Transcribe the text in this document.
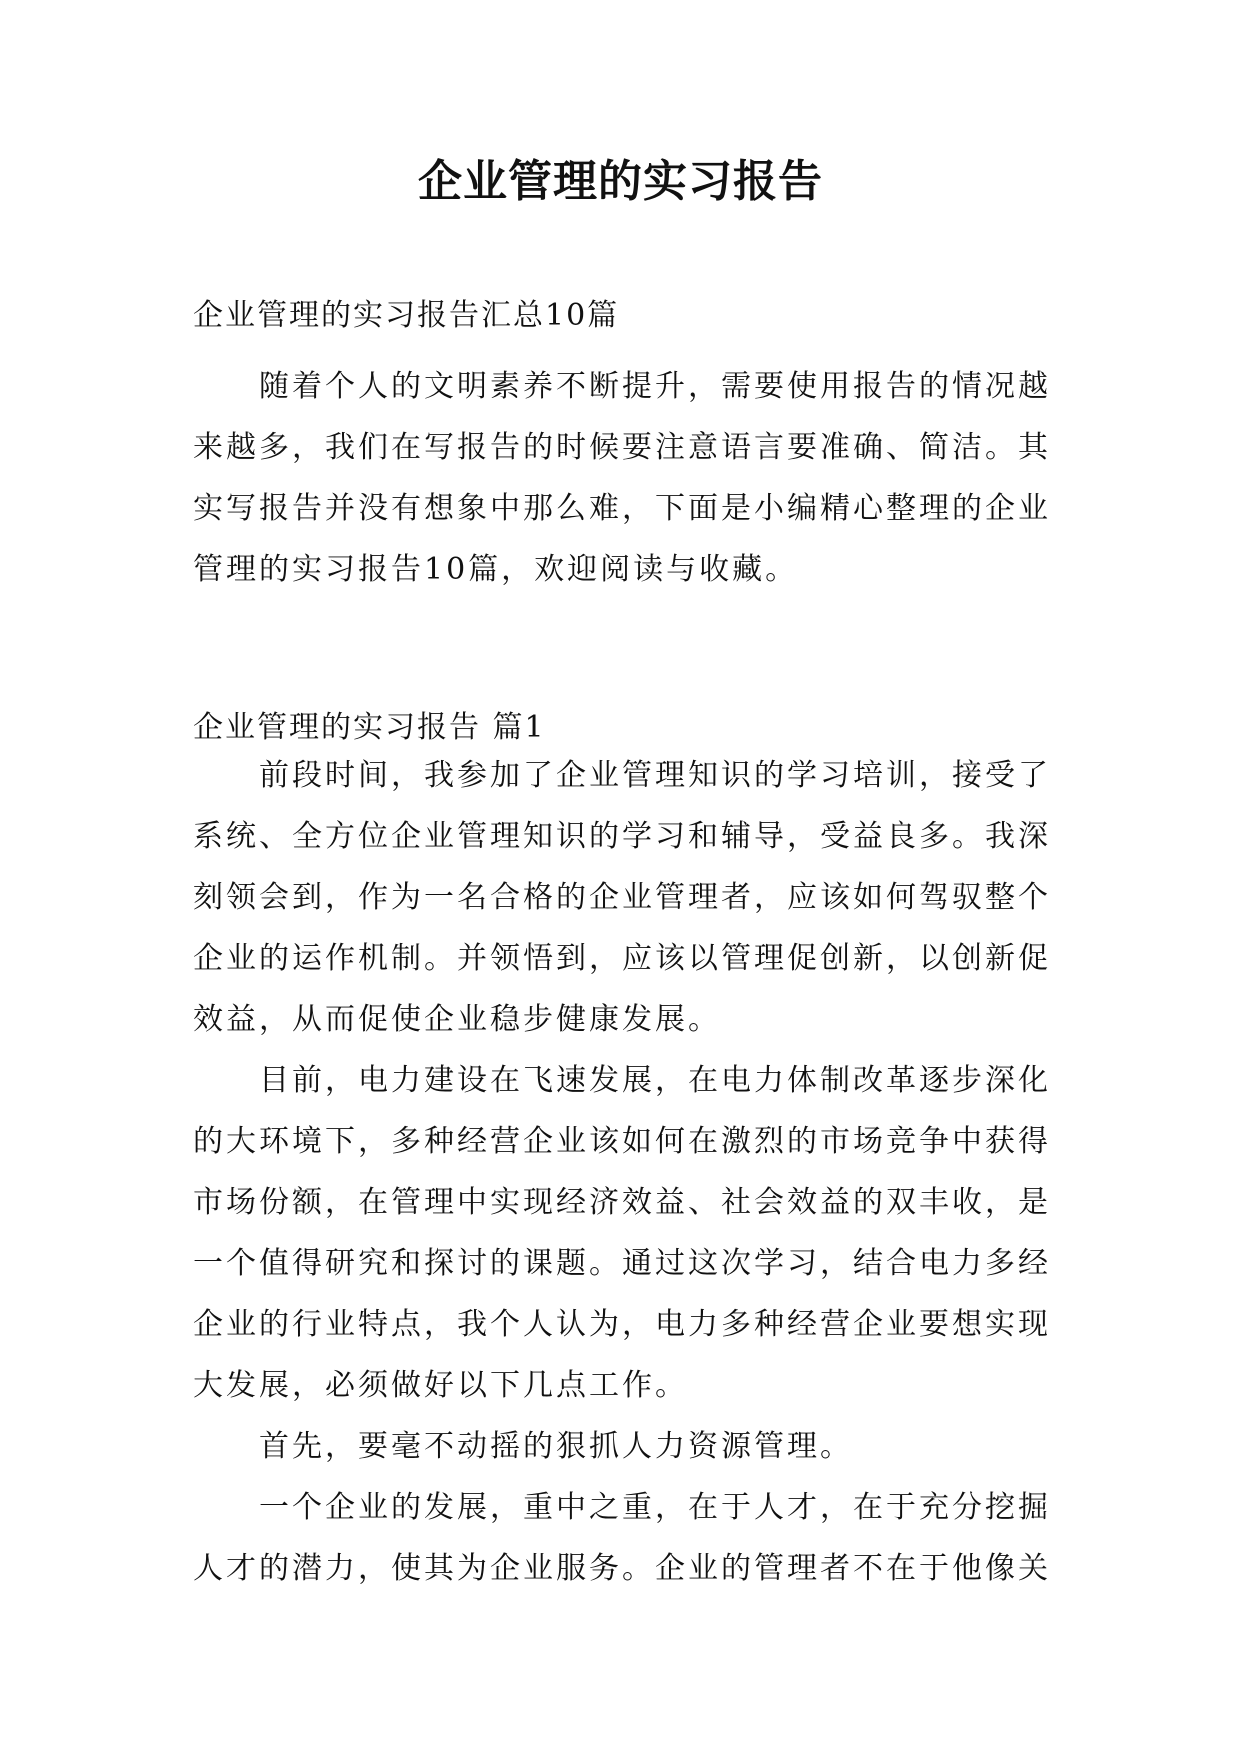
企业管理的实习报告
企业管理的实习报告汇总10篇
随着个人的文明素养不断提升，需要使用报告的情况越
来越多，我们在写报告的时候要注意语言要准确、简洁。其
实写报告并没有想象中那么难，下面是小编精心整理的企业
管理的实习报告10篇，欢迎阅读与收藏。
企业管理的实习报告 篇1
前段时间，我参加了企业管理知识的学习培训，接受了
系统、全方位企业管理知识的学习和辅导，受益良多。我深
刻领会到，作为一名合格的企业管理者，应该如何驾驭整个
企业的运作机制。并领悟到，应该以管理促创新，以创新促
效益，从而促使企业稳步健康发展。
目前，电力建设在飞速发展，在电力体制改革逐步深化
的大环境下，多种经营企业该如何在激烈的市场竞争中获得
市场份额，在管理中实现经济效益、社会效益的双丰收，是
一个值得研究和探讨的课题。通过这次学习，结合电力多经
企业的行业特点，我个人认为，电力多种经营企业要想实现
大发展，必须做好以下几点工作。
首先，要毫不动摇的狠抓人力资源管理。
一个企业的发展，重中之重，在于人才，在于充分挖掘
人才的潜力，使其为企业服务。企业的管理者不在于他像关
